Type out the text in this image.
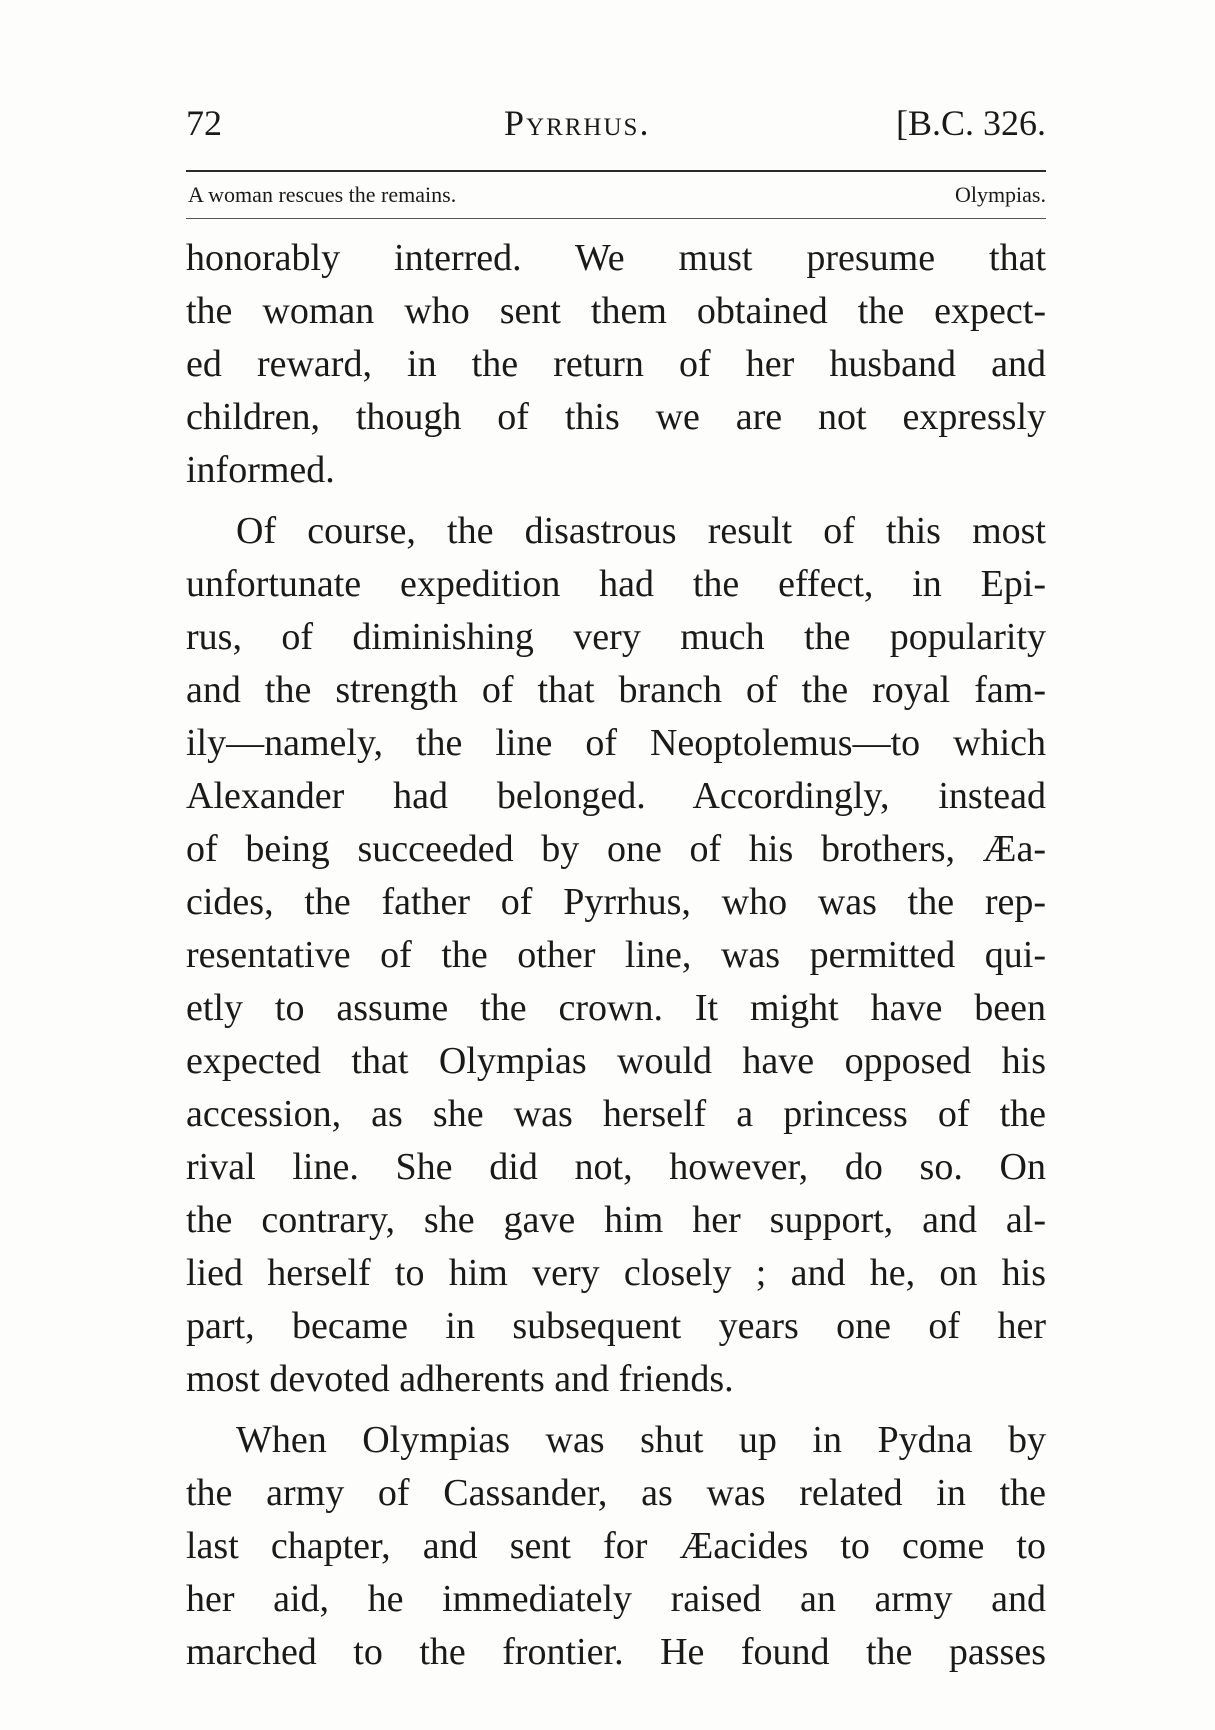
72	Pyrrhus.	[B.C. 326.
A woman rescues the remains.	Olympias.
honorably interred. We must presume that
the woman who sent them obtained the expect-
ed reward, in the return of her husband and
children, though of this we are not expressly
informed.
Of course, the disastrous result of this most
unfortunate expedition had the effect, in Epi-
rus, of diminishing very much the popularity
and the strength of that branch of the royal fam-
ily—namely, the line of Neoptolemus—to which
Alexander had belonged. Accordingly, instead
of being succeeded by one of his brothers, Æa-
cides, the father of Pyrrhus, who was the rep-
resentative of the other line, was permitted qui-
etly to assume the crown. It might have been
expected that Olympias would have opposed his
accession, as she was herself a princess of the
rival line. She did not, however, do so. On
the contrary, she gave him her support, and al-
lied herself to him very closely ; and he, on his
part, became in subsequent years one of her
most devoted adherents and friends.
When Olympias was shut up in Pydna by
the army of Cassander, as was related in the
last chapter, and sent for Æacides to come to
her aid, he immediately raised an army and
marched to the frontier. He found the passes
